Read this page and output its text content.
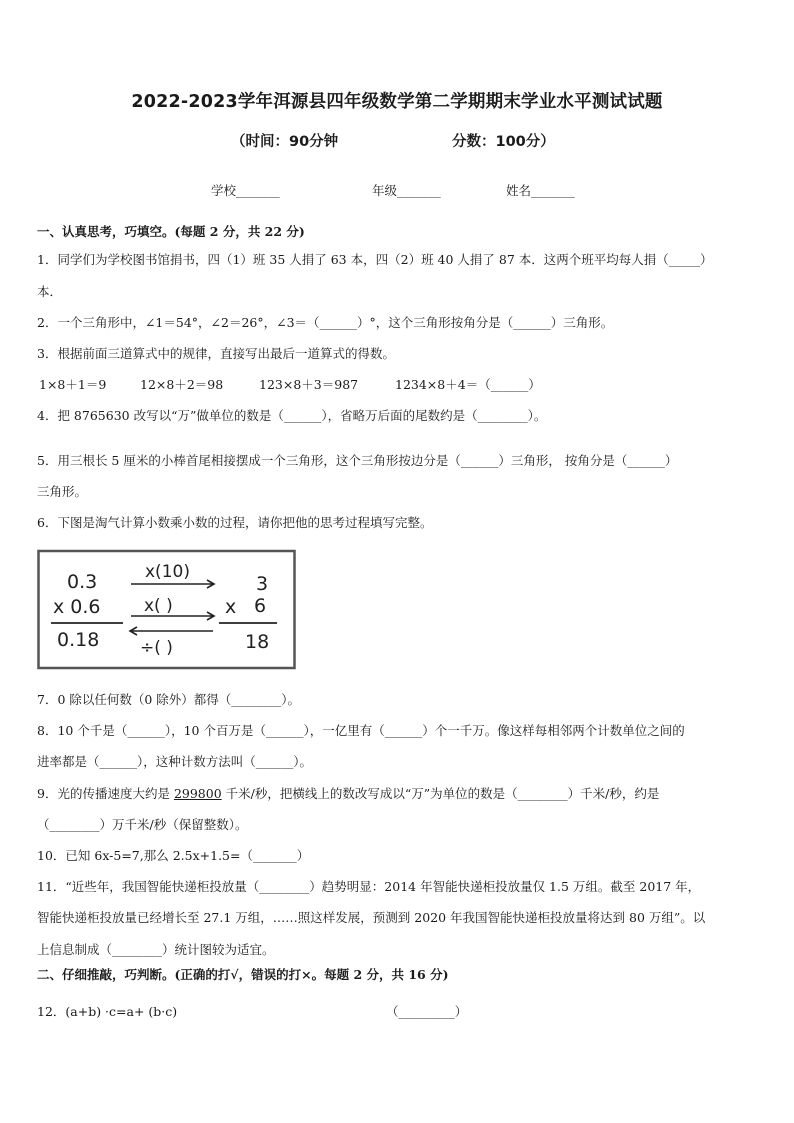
2022-2023学年洱源县四年级数学第二学期期末学业水平测试试题
（时间：90分钟	分数：100分）
学校_______	年级_______	姓名_______
一、认真思考，巧填空。(每题 2 分，共 22 分)
1．同学们为学校图书馆捐书，四（1）班 35 人捐了 63 本，四（2）班 40 人捐了 87 本．这两个班平均每人捐（_____）
本．
2．一个三角形中，∠1＝54°，∠2＝26°，∠3＝（______）°，这个三角形按角分是（______）三角形。
3．根据前面三道算式中的规律，直接写出最后一道算式的得数。
1×8＋1＝9	12×8＋2＝98	123×8＋3＝987	1234×8＋4＝（______）
4．把 8765630 改写以“万”做单位的数是（______），省略万后面的尾数约是（________）。
5．用三根长 5 厘米的小棒首尾相接摆成一个三角形，这个三角形按边分是（______）三角形， 按角分是（______）
三角形。
6．下图是淘气计算小数乘小数的过程，请你把他的思考过程填写完整。
0.3
x 0.6
0.18
x(10)
x( )
÷( )
3
x 6
18
7．0 除以任何数（0 除外）都得（________）。
8．10 个千是（______），10 个百万是（______），一亿里有（______）个一千万。像这样每相邻两个计数单位之间的
进率都是（______），这种计数方法叫（______）。
9．光的传播速度大约是 299800 千米/秒，把横线上的数改写成以“万”为单位的数是（________）千米/秒，约是
（________）万千米/秒（保留整数）。
10．已知 6x-5=7,那么 2.5x+1.5=（_______）
11．“近些年，我国智能快递柜投放量（________）趋势明显：2014 年智能快递柜投放量仅 1.5 万组。截至 2017 年，
智能快递柜投放量已经增长至 27.1 万组，……照这样发展，预测到 2020 年我国智能快递柜投放量将达到 80 万组”。以
上信息制成（________）统计图较为适宜。
二、仔细推敲，巧判断。(正确的打√，错误的打×。每题 2 分，共 16 分)
12．(a+b) ·c=a+ (b·c)	（_________）
